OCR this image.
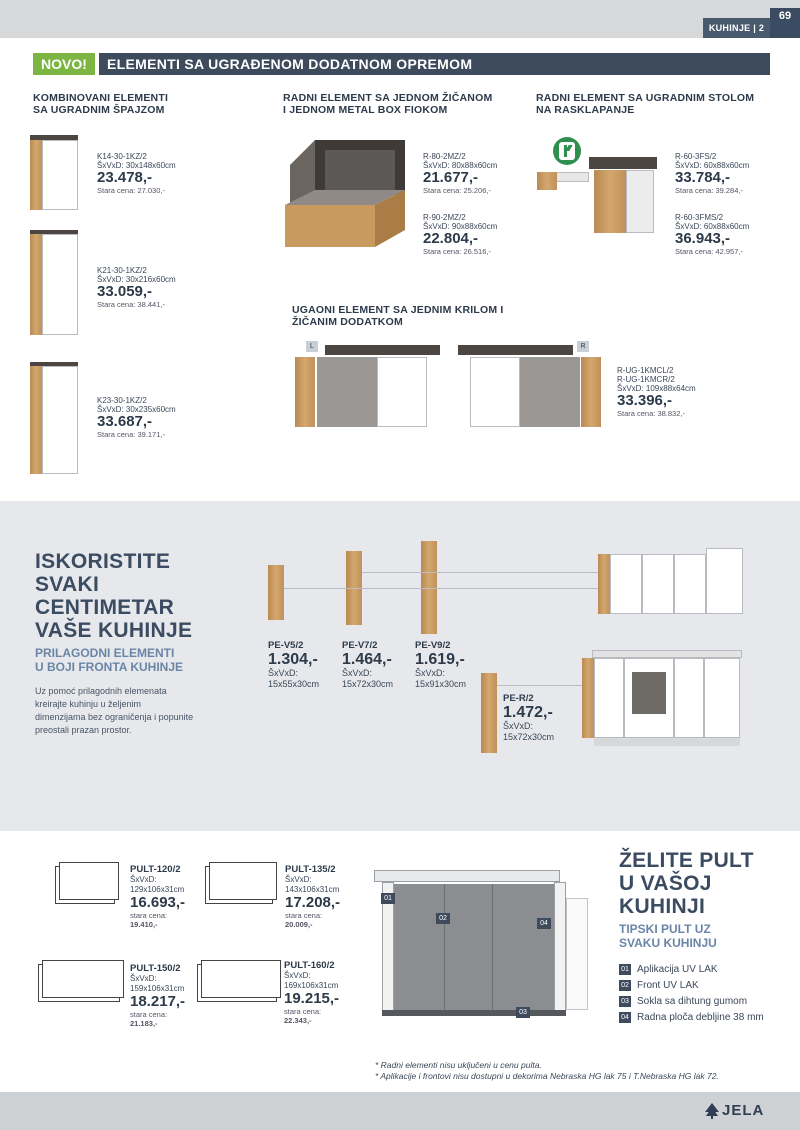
KUHINJE | 2
69
NOVO!	ELEMENTI SA UGRAĐENOM DODATNOM OPREMOM
KOMBINOVANI ELEMENTI
SA UGRADNIM ŠPAJZOM
K14-30-1KZ/2
ŠxVxD: 30x148x60cm
23.478,-
Stara cena: 27.030,-
K21-30-1KZ/2
ŠxVxD: 30x216x60cm
33.059,-
Stara cena: 38.441,-
K23-30-1KZ/2
ŠxVxD: 30x235x60cm
33.687,-
Stara cena: 39.171,-
RADNI ELEMENT SA JEDNOM ŽIČANOM
I JEDNOM METAL BOX FIOKOM
R-80-2MZ/2
ŠxVxD: 80x88x60cm
21.677,-
Stara cena: 25.206,-
R-90-2MZ/2
ŠxVxD: 90x88x60cm
22.804,-
Stara cena: 26.516,-
RADNI ELEMENT SA UGRADNIM STOLOM
NA RASKLAPANJE
R-60-3FS/2
ŠxVxD: 60x88x60cm
33.784,-
Stara cena: 39.284,-
R-60-3FMS/2
ŠxVxD: 60x88x60cm
36.943,-
Stara cena: 42.957,-
UGAONI ELEMENT SA JEDNIM KRILOM I
ŽIČANIM DODATKOM
L	R
R-UG-1KMCL/2
R-UG-1KMCR/2
ŠxVxD: 109x88x64cm
33.396,-
Stara cena: 38.832,-
ISKORISTITE
SVAKI
CENTIMETAR
VAŠE KUHINJE
PRILAGODNI ELEMENTI
U BOJI FRONTA KUHINJE
Uz pomoć prilagodnih elemenata
kreirajte kuhinju u željenim
dimenzijama bez ograničenja i popunite
preostali prazan prostor.
PE-V5/2
1.304,-
ŠxVxD:
15x55x30cm
PE-V7/2
1.464,-
ŠxVxD:
15x72x30cm
PE-V9/2
1.619,-
ŠxVxD:
15x91x30cm
PE-R/2
1.472,-
ŠxVxD:
15x72x30cm
PULT-120/2
ŠxVxD:
129x106x31cm
16.693,-
stara cena:
19.410,-
PULT-135/2
ŠxVxD:
143x106x31cm
17.208,-
stara cena:
20.009,-
PULT-150/2
ŠxVxD:
159x106x31cm
18.217,-
stara cena:
21.183,-
PULT-160/2
ŠxVxD:
169x106x31cm
19.215,-
stara cena:
22.343,-
01
02
03
04
ŽELITE PULT
U VAŠOJ
KUHINJI
TIPSKI PULT UZ
SVAKU KUHINJU
01 Aplikacija UV LAK
02 Front UV LAK
03 Sokla sa dihtung gumom
04 Radna ploča debljine 38 mm
* Radni elementi nisu uključeni u cenu pulta.
* Aplikacije i frontovi nisu dostupni u dekorima Nebraska HG lak 75 i T.Nebraska HG lak 72.
JELA
